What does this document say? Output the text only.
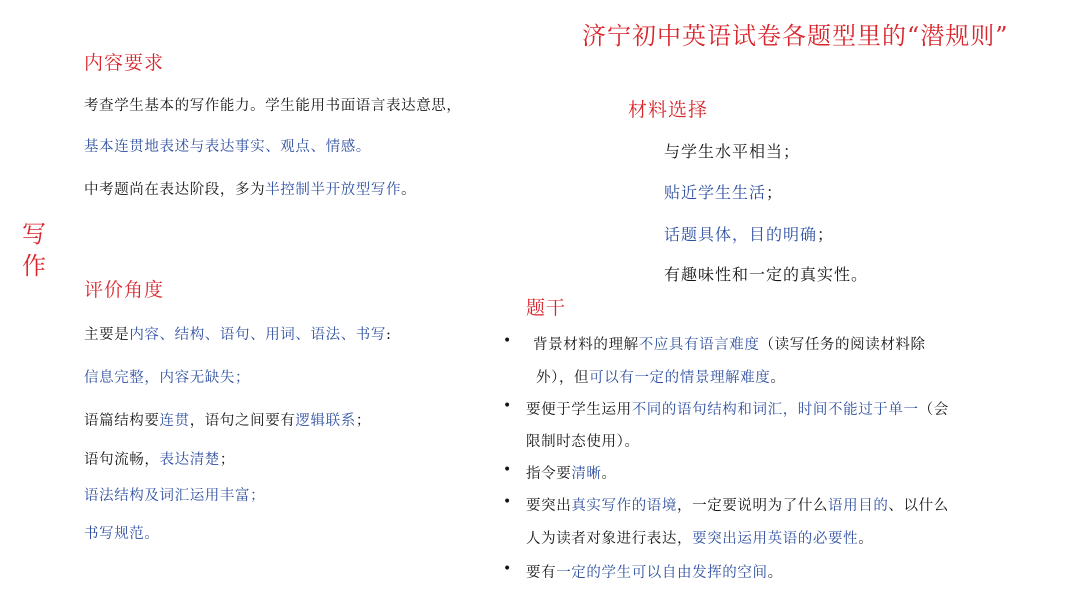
济宁初中英语试卷各题型里的“潜规则”
写作
内容要求
考查学生基本的写作能力。学生能用书面语言表达意思，
基本连贯地表述与表达事实、观点、情感。
中考题尚在表达阶段，多为半控制半开放型写作。
评价角度
主要是内容、结构、语句、用词、语法、书写:
信息完整，内容无缺失；
语篇结构要连贯，语句之间要有逻辑联系；
语句流畅，表达清楚；
语法结构及词汇运用丰富；
书写规范。
材料选择
与学生水平相当；
贴近学生生活；
话题具体，目的明确；
有趣味性和一定的真实性。
题干
• 背景材料的理解不应具有语言难度（读写任务的阅读材料除
外），但可以有一定的情景理解难度。
• 要便于学生运用不同的语句结构和词汇，时间不能过于单一（会
限制时态使用）。
• 指令要清晰。
• 要突出真实写作的语境，一定要说明为了什么语用目的、以什么
人为读者对象进行表达，要突出运用英语的必要性。
• 要有一定的学生可以自由发挥的空间。
